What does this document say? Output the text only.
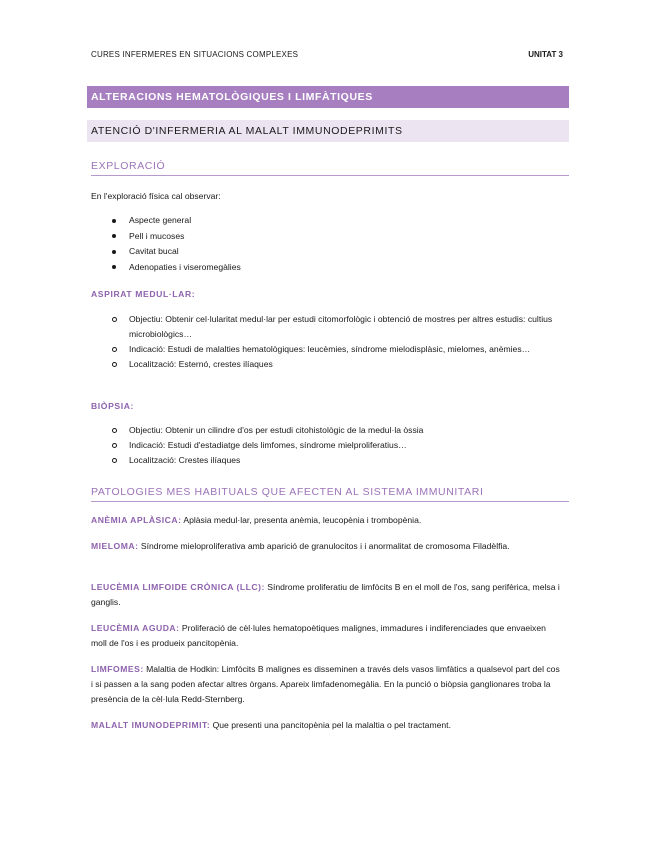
CURES INFERMERES EN SITUACIONS COMPLEXES	UNITAT 3
ALTERACIONS HEMATOLÒGIQUES I LIMFÀTIQUES
ATENCIÓ D'INFERMERIA AL MALALT IMMUNODEPRIMITS
EXPLORACIÓ
En l'exploració física cal observar:
Aspecte general
Pell i mucoses
Cavitat bucal
Adenopaties i viseromegàlies
ASPIRAT MEDUL·LAR:
Objectiu: Obtenir cel·lularitat medul·lar per estudi citomorfològic i obtenció de mostres per altres estudis: cultius microbiològics…
Indicació: Estudi de malalties hematològiques: leucèmies, síndrome mielodisplàsic, mielomes, anèmies…
Localització: Esternó, crestes ilíaques
BIÒPSIA:
Objectiu: Obtenir un cilindre d'os per estudi citohistològic de la medul·la òssia
Indicació: Estudi d'estadiatge dels limfomes, síndrome mielproliferatius…
Localització: Crestes ilíaques
PATOLOGIES MES HABITUALS QUE AFECTEN AL SISTEMA IMMUNITARI
ANÈMIA APLÀSICA: Aplàsia medul·lar, presenta anèmia, leucopènia i trombopènia.
MIELOMA: Síndrome mieloproliferativa amb aparició de granulocitos i i anormalitat de cromosoma Filadèlfia.
LEUCÈMIA LIMFOIDE CRÒNICA (LLC): Síndrome proliferatiu de limfòcits B en el moll de l'os, sang perifèrica, melsa i ganglis.
LEUCÈMIA AGUDA: Proliferació de cèl·lules hematopoètiques malignes, immadures i indiferenciades que envaeixen moll de l'os i es produeix pancitopènia.
LIMFOMES: Malaltia de Hodkin: Limfòcits B malignes es disseminen a través dels vasos limfàtics a qualsevol part del cos i si passen a la sang poden afectar altres òrgans. Apareix limfadenomegàlia. En la punció o biòpsia ganglionares troba la presència de la cèl·lula Redd-Sternberg.
MALALT IMUNODEPRIMIT: Que presenti una pancitopènia pel la malaltia o pel tractament.
